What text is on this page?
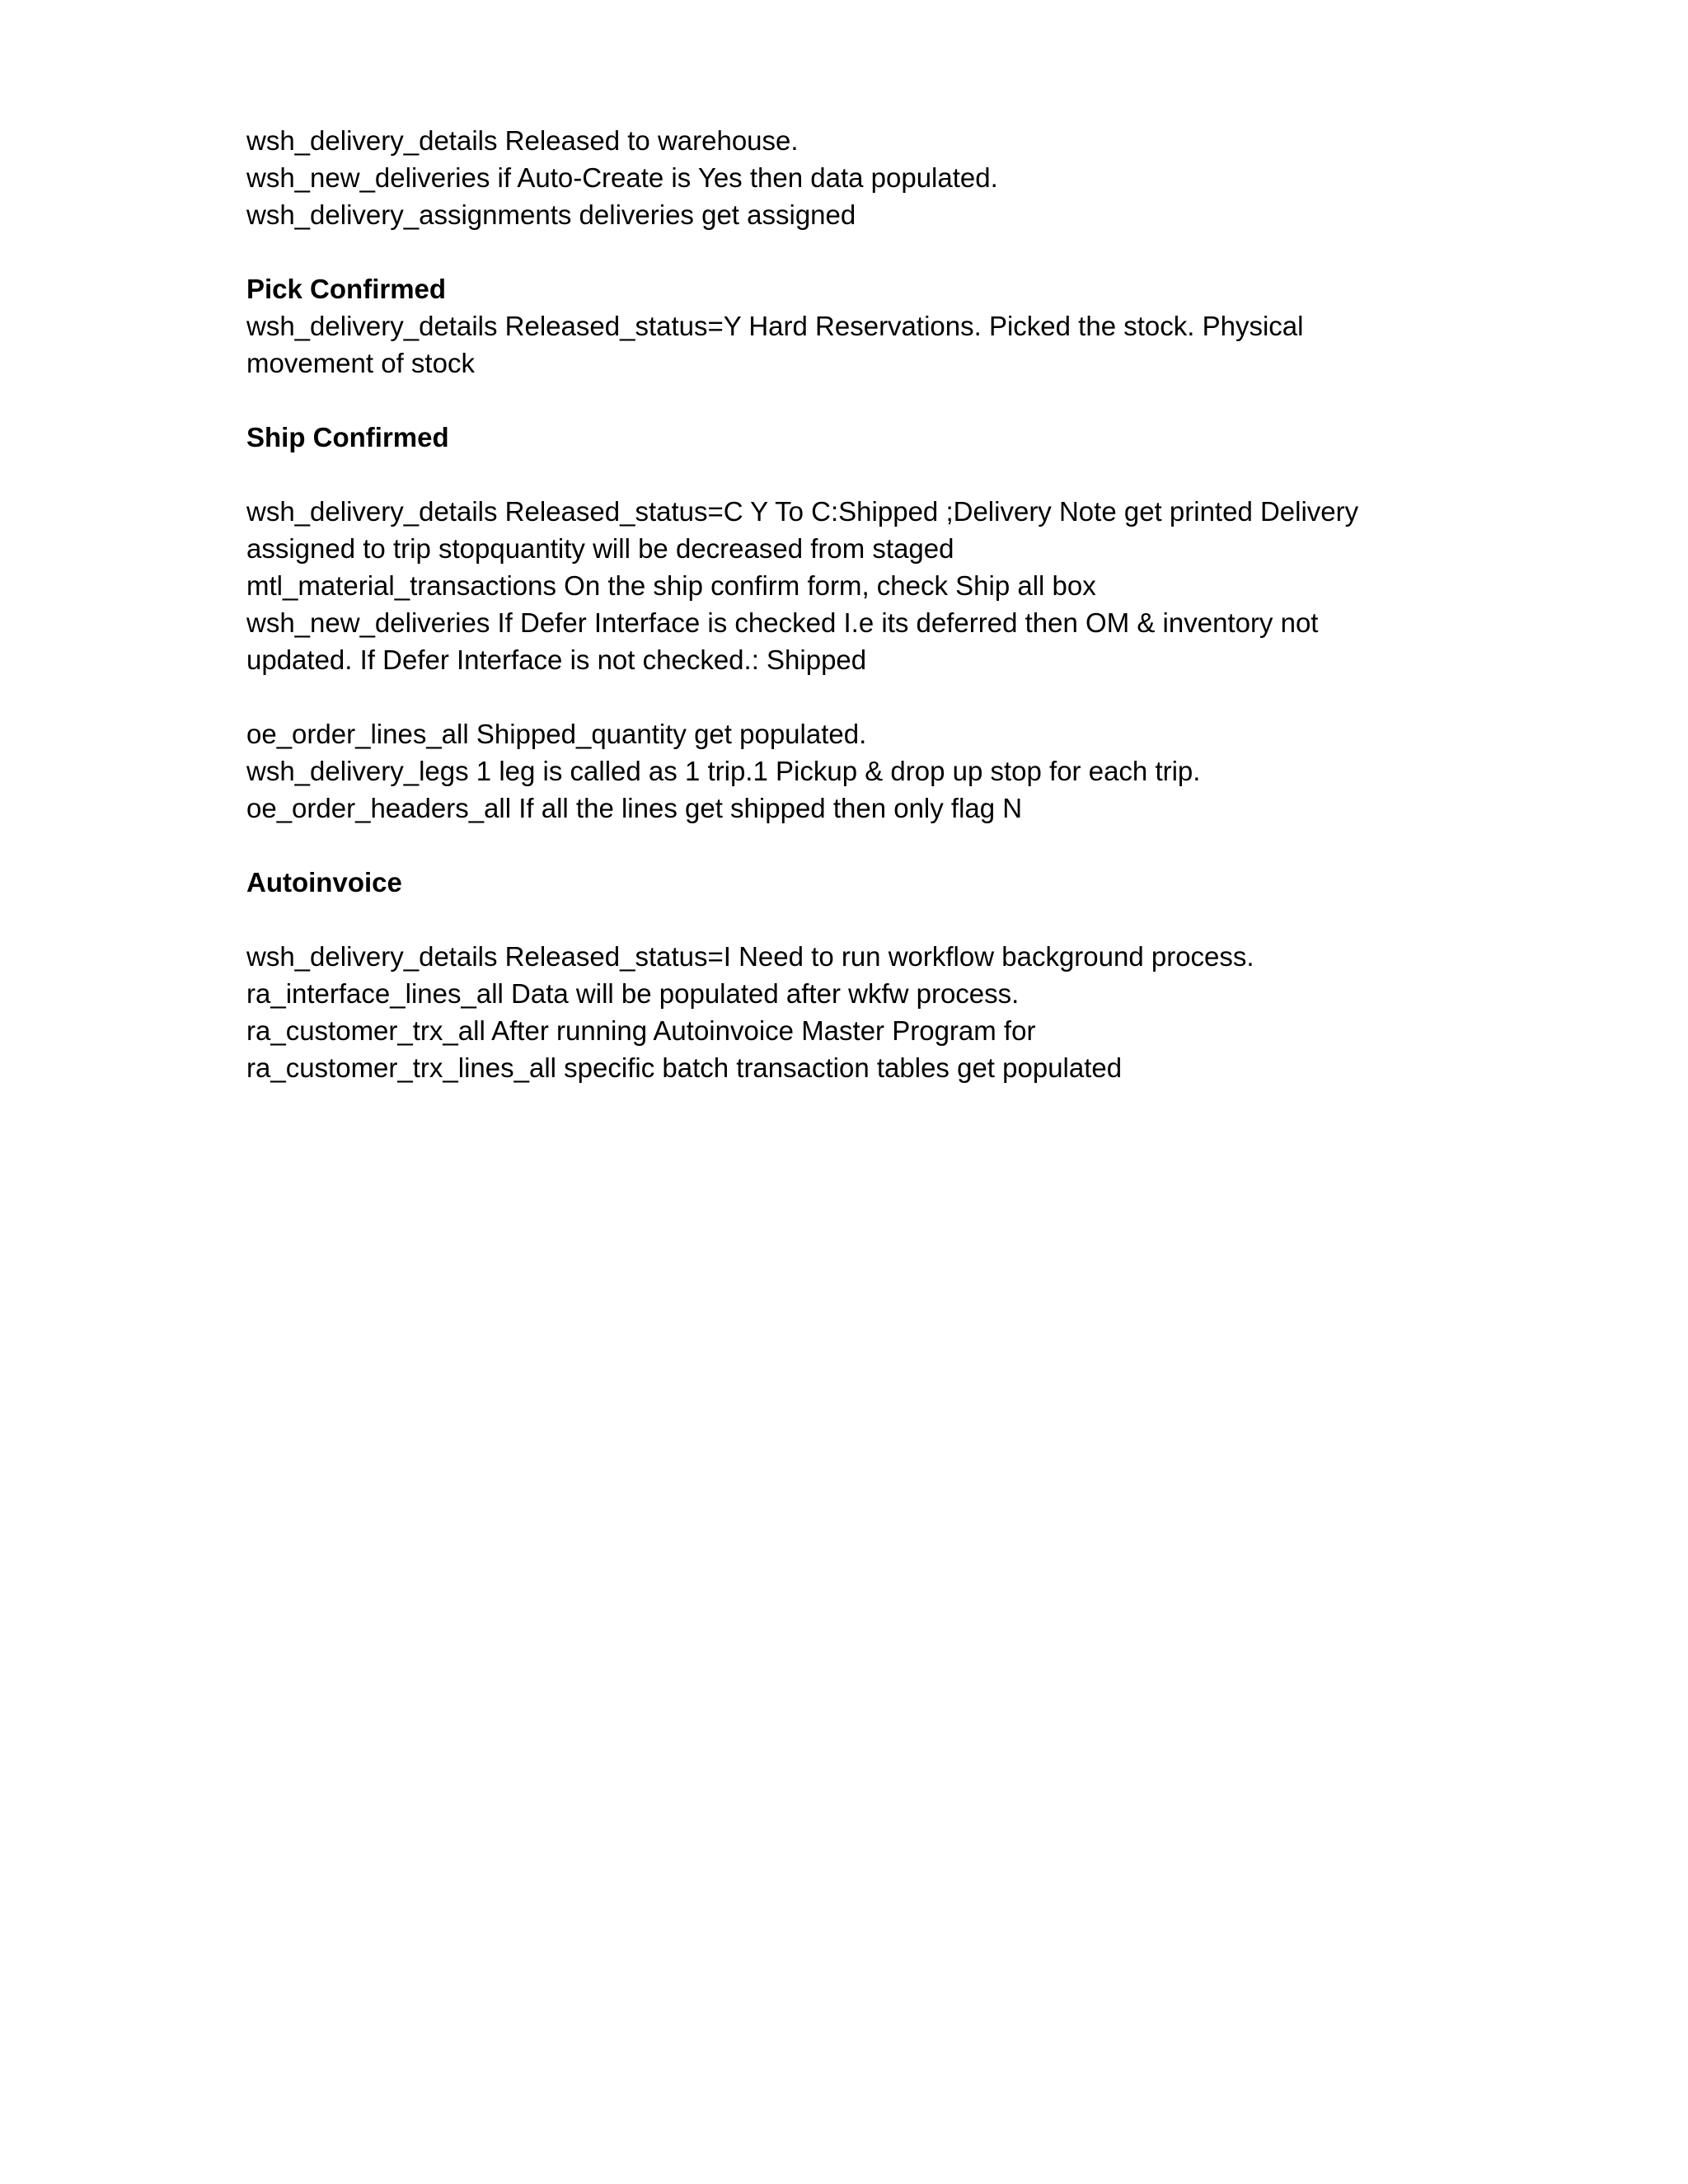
wsh_delivery_details Released to warehouse.

wsh_new_deliveries if Auto-Create is Yes then data populated.

wsh_delivery_assignments deliveries get assigned

Pick Confirmed

wsh_delivery_details Released_status=Y Hard Reservations. Picked the stock. Physical

movement of stock

Ship Confirmed

wsh_delivery_details Released_status=C Y To C:Shipped ;Delivery Note get printed Delivery

assigned to trip stopquantity will be decreased from staged

mtl_material_transactions On the ship confirm form, check Ship all box

wsh_new_deliveries If Defer Interface is checked I.e its deferred then OM & inventory not

updated. If Defer Interface is not checked.: Shipped

oe_order_lines_all Shipped_quantity get populated.

wsh_delivery_legs 1 leg is called as 1 trip.1 Pickup & drop up stop for each trip.

oe_order_headers_all If all the lines get shipped then only flag N

Autoinvoice

wsh_delivery_details Released_status=I Need to run workflow background process.

ra_interface_lines_all Data will be populated after wkfw process.

ra_customer_trx_all After running Autoinvoice Master Program for

ra_customer_trx_lines_all specific batch transaction tables get populated
